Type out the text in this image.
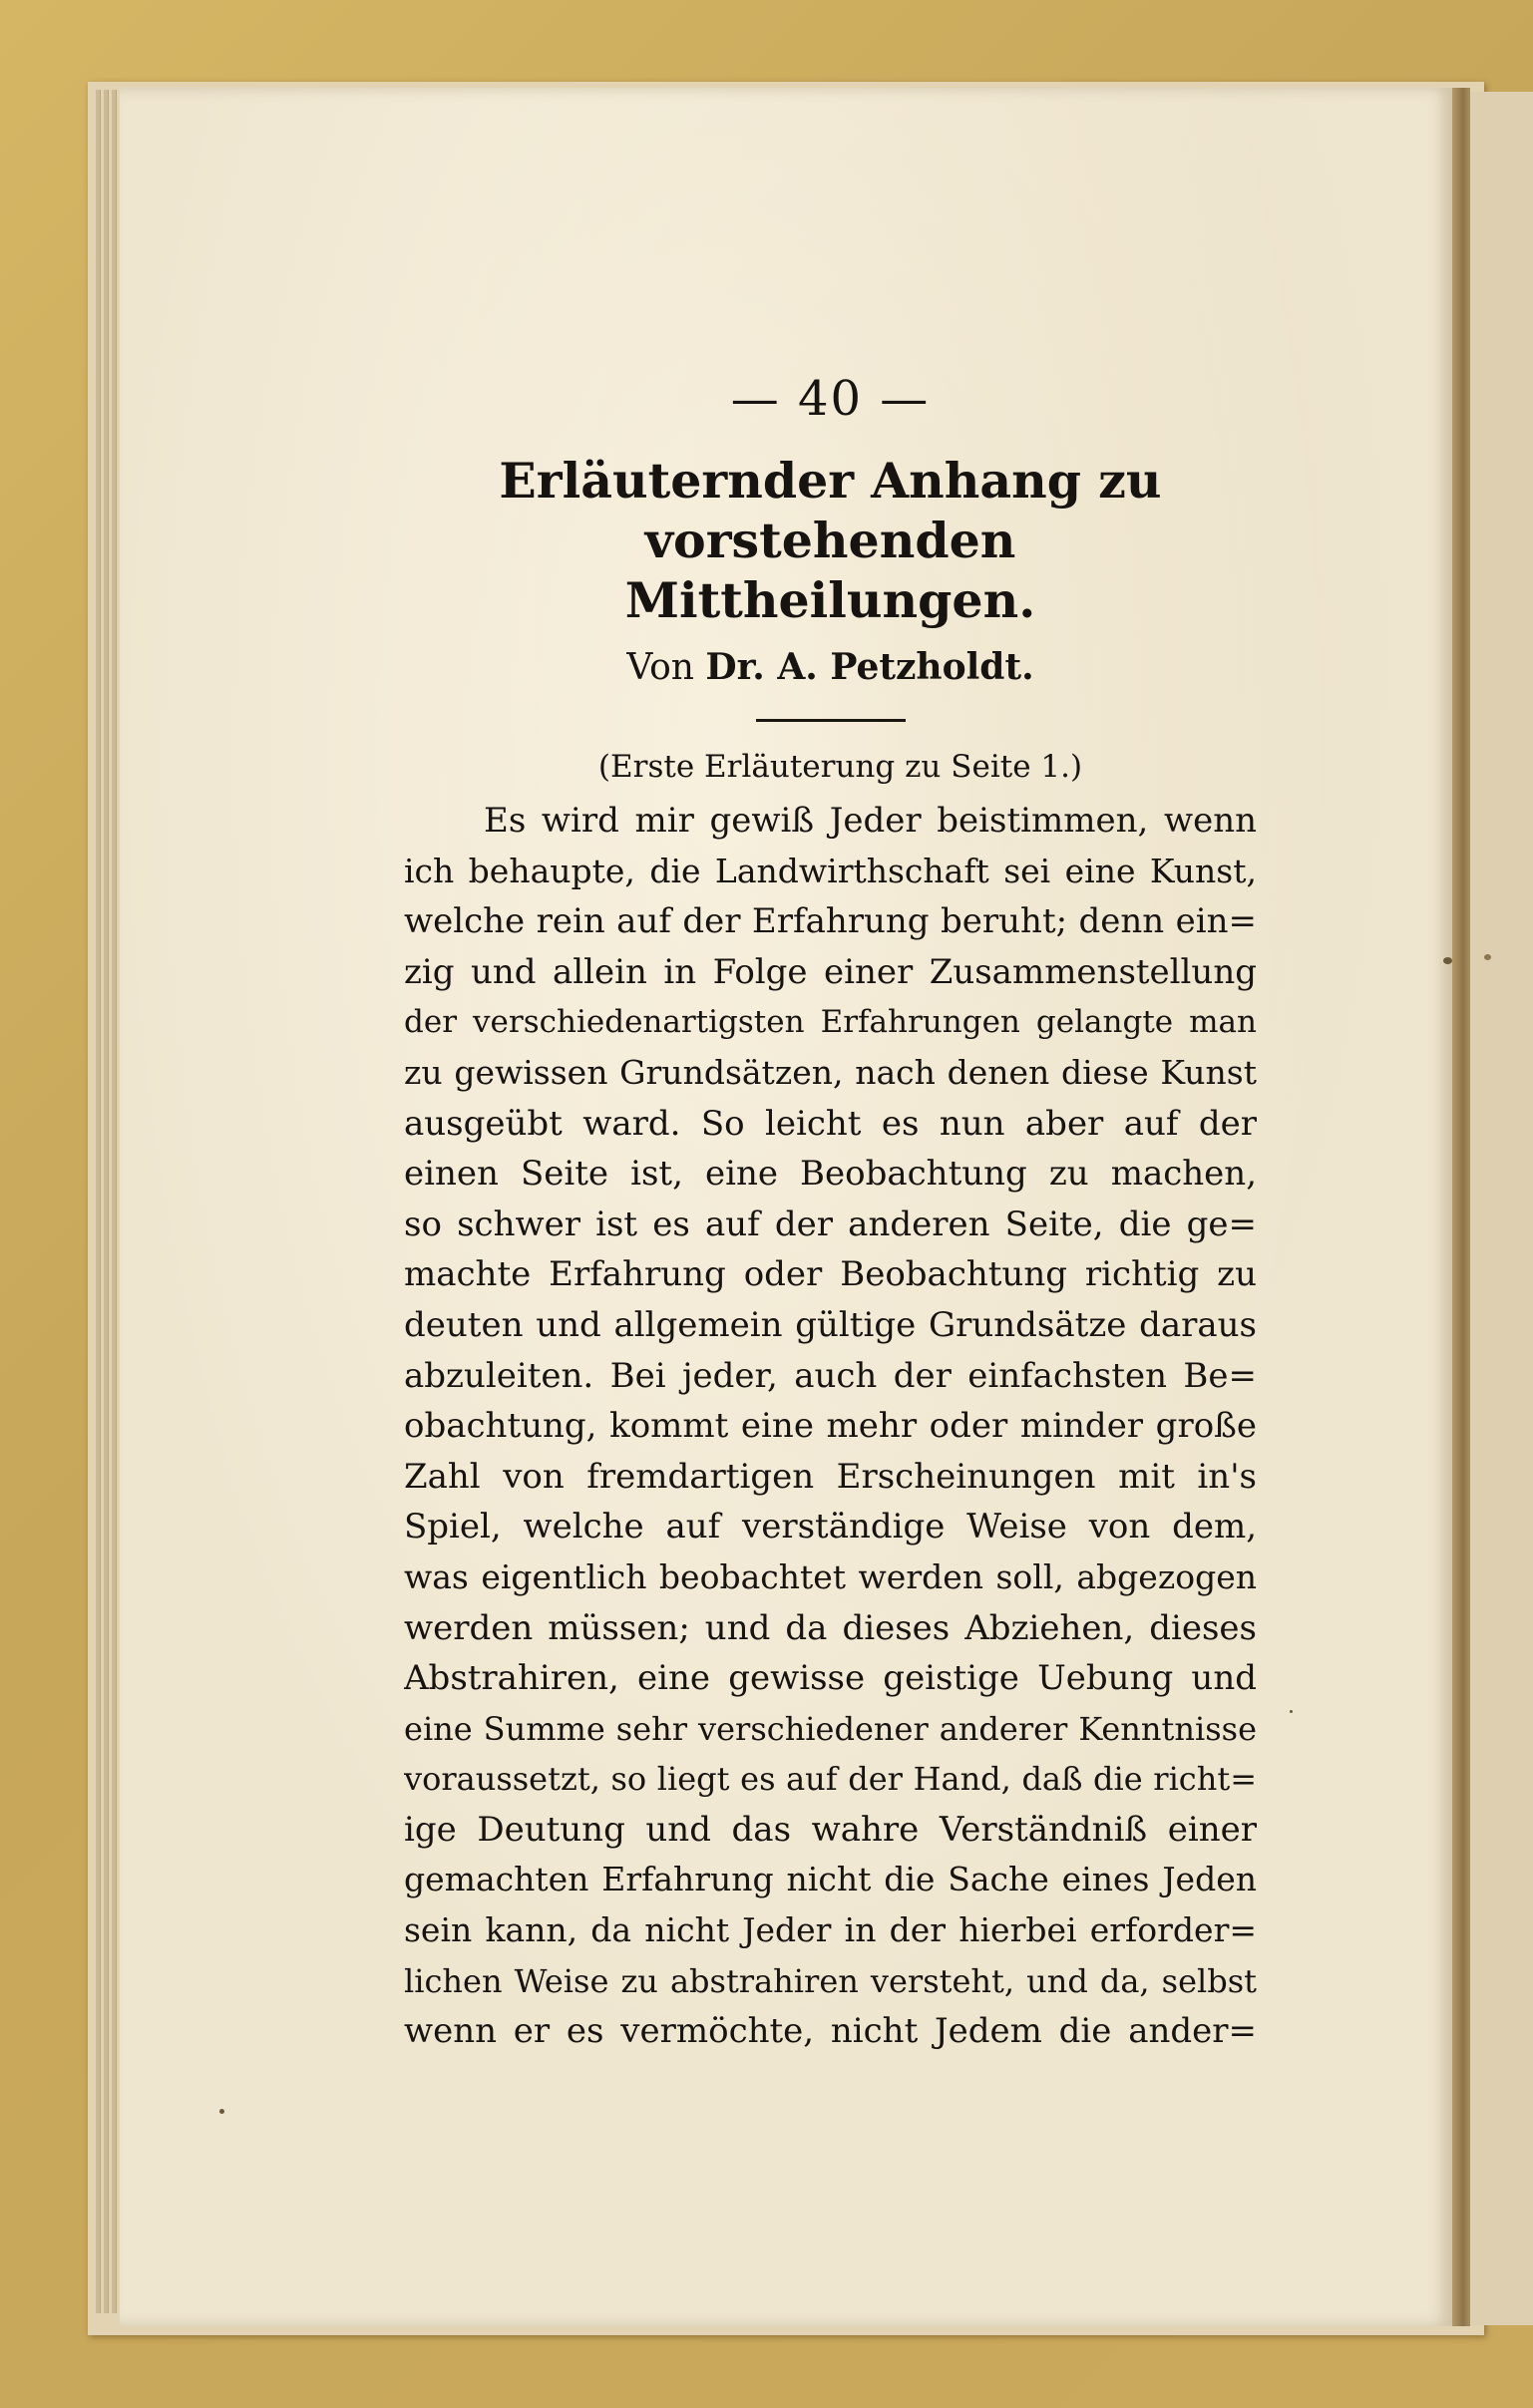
— 40 —
Erläuternder Anhang zu vorstehenden
Mittheilungen.
Von Dr. A. Petzholdt.
(Erste Erläuterung zu Seite 1.)
Es wird mir gewiß Jeder beistimmen, wenn
ich behaupte, die Landwirthschaft sei eine Kunst,
welche rein auf der Erfahrung beruht; denn ein=
zig und allein in Folge einer Zusammenstellung
der verschiedenartigsten Erfahrungen gelangte man
zu gewissen Grundsätzen, nach denen diese Kunst
ausgeübt ward. So leicht es nun aber auf der
einen Seite ist, eine Beobachtung zu machen,
so schwer ist es auf der anderen Seite, die ge=
machte Erfahrung oder Beobachtung richtig zu
deuten und allgemein gültige Grundsätze daraus
abzuleiten. Bei jeder, auch der einfachsten Be=
obachtung, kommt eine mehr oder minder große
Zahl von fremdartigen Erscheinungen mit in's
Spiel, welche auf verständige Weise von dem,
was eigentlich beobachtet werden soll, abgezogen
werden müssen; und da dieses Abziehen, dieses
Abstrahiren, eine gewisse geistige Uebung und
eine Summe sehr verschiedener anderer Kenntnisse
voraussetzt, so liegt es auf der Hand, daß die richt=
ige Deutung und das wahre Verständniß einer
gemachten Erfahrung nicht die Sache eines Jeden
sein kann, da nicht Jeder in der hierbei erforder=
lichen Weise zu abstrahiren versteht, und da, selbst
wenn er es vermöchte, nicht Jedem die ander=
